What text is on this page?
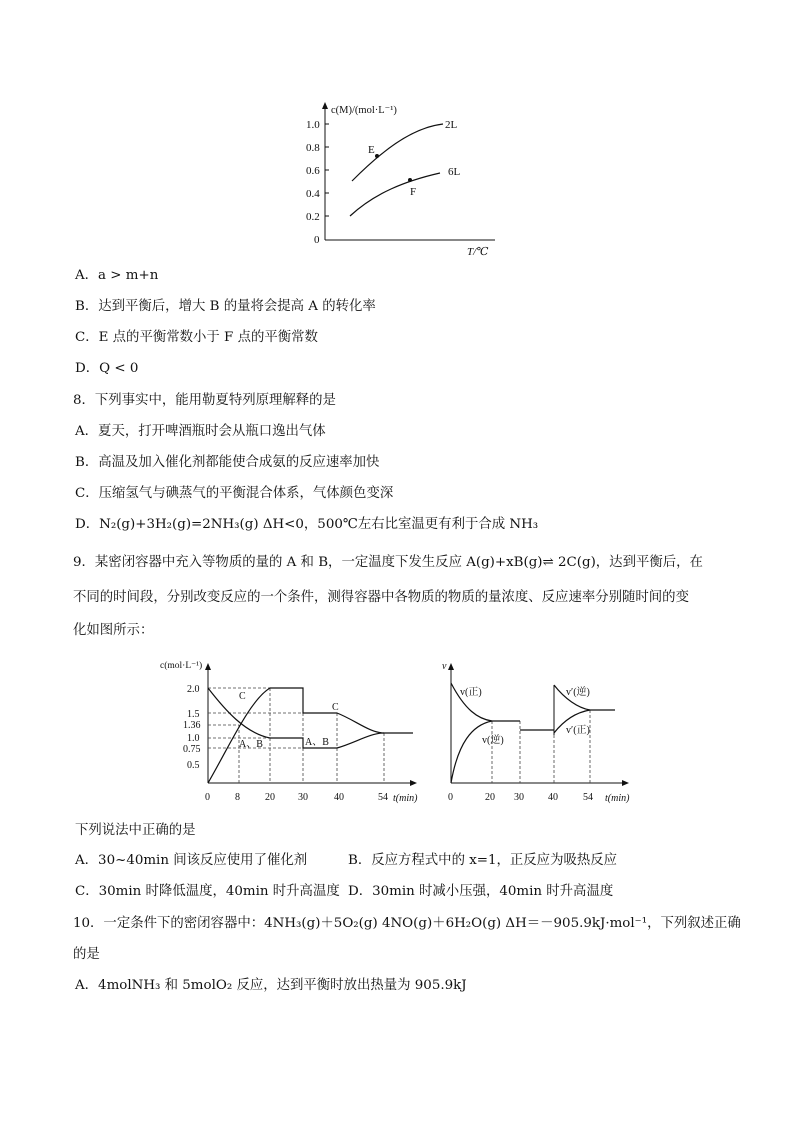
1.0
0.8
0.6
0.4
0.2
0
c(M)/(mol·L⁻¹)
T/℃
E
F
2L
6L
A．a > m+n
B．达到平衡后，增大 B 的量将会提高 A 的转化率
C．E 点的平衡常数小于 F 点的平衡常数
D．Q < 0
8．下列事实中，能用勒夏特列原理解释的是
A．夏天，打开啤酒瓶时会从瓶口逸出气体
B．高温及加入催化剂都能使合成氨的反应速率加快
C．压缩氢气与碘蒸气的平衡混合体系，气体颜色变深
D．N₂(g)+3H₂(g)=2NH₃(g) ΔH<0，500℃左右比室温更有利于合成 NH₃
9．某密闭容器中充入等物质的量的 A 和 B，一定温度下发生反应 A(g)+xB(g)⇌ 2C(g)，达到平衡后，在
不同的时间段，分别改变反应的一个条件，测得容器中各物质的物质的量浓度、反应速率分别随时间的变
化如图所示：
c(mol·L⁻¹)
t(min)
2.0
1.5
1.36
1.0
0.75
0.5
0	8	20 30	40	54
C
A、B	A、B
C
v
t(min)
0	20 30 40	54
v(正)
v(逆)
v′(逆)
v′(正)
下列说法中正确的是
A．30~40min 间该反应使用了催化剂	B．反应方程式中的 x=1，正反应为吸热反应
C．30min 时降低温度，40min 时升高温度 D．30min 时减小压强，40min 时升高温度
10．一定条件下的密闭容器中：4NH₃(g)＋5O₂(g) 4NO(g)＋6H₂O(g) ΔH＝－905.9kJ·mol⁻¹，下列叙述正确
的是
A．4molNH₃ 和 5molO₂ 反应，达到平衡时放出热量为 905.9kJ
